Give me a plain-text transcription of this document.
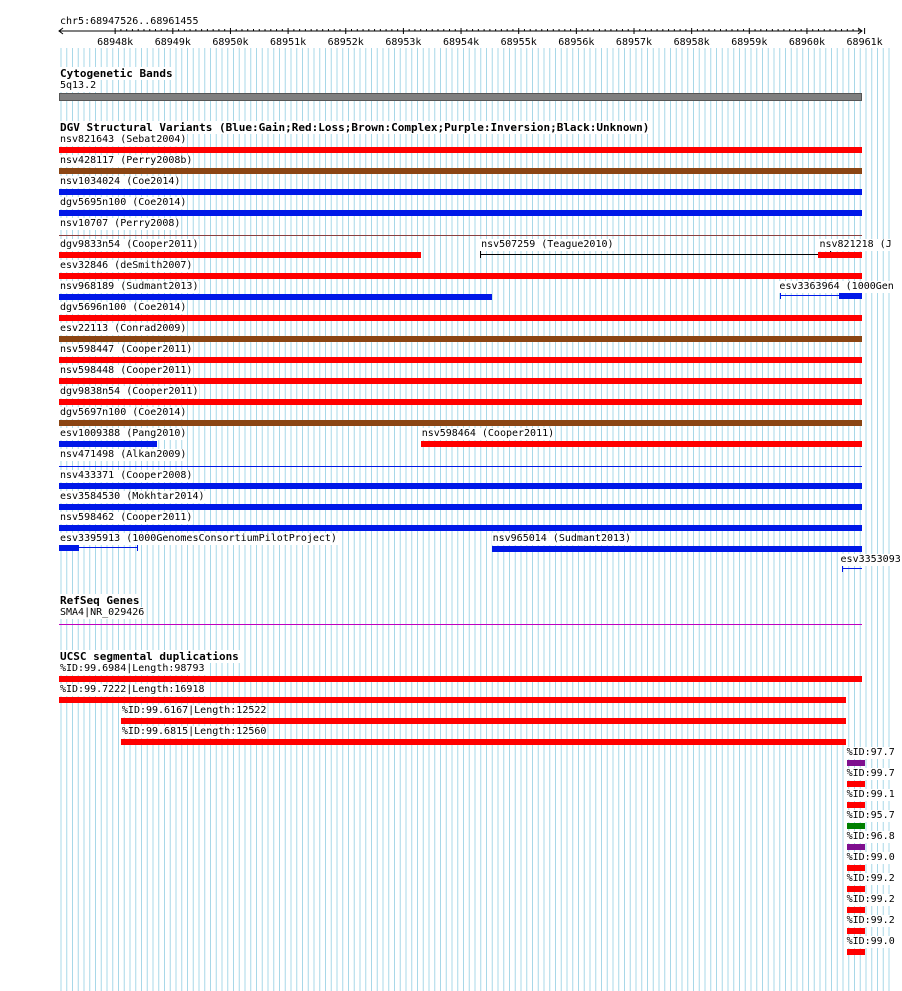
chr5:68947526..68961455
68948k 68949k 68950k 68951k 68952k 68953k 68954k 68955k 68956k 68957k 68958k 68959k 68960k 68961k
Cytogenetic Bands
5q13.2
DGV Structural Variants (Blue:Gain;Red:Loss;Brown:Complex;Purple:Inversion;Black:Unknown)
nsv821643 (Sebat2004)
nsv428117 (Perry2008b)
nsv1034024 (Coe2014)
dgv5695n100 (Coe2014)
nsv10707 (Perry2008)
dgv9833n54 (Cooper2011)	nsv507259 (Teague2010)	nsv821218 (J
esv32846 (deSmith2007)
nsv968189 (Sudmant2013)	esv3363964 (1000Gen
dgv5696n100 (Coe2014)
esv22113 (Conrad2009)
nsv598447 (Cooper2011)
nsv598448 (Cooper2011)
dgv9838n54 (Cooper2011)
dgv5697n100 (Coe2014)
esv1009388 (Pang2010)	nsv598464 (Cooper2011)
nsv471498 (Alkan2009)
nsv433371 (Cooper2008)
esv3584530 (Mokhtar2014)
nsv598462 (Cooper2011)
esv3395913 (1000GenomesConsortiumPilotProject)	nsv965014 (Sudmant2013)
esv3353093
RefSeq Genes
SMA4|NR_029426
UCSC segmental duplications
%ID:99.6984|Length:98793
%ID:99.7222|Length:16918
%ID:99.6167|Length:12522
%ID:99.6815|Length:12560
%ID:97.7
%ID:99.7
%ID:99.1
%ID:95.7
%ID:96.8
%ID:99.0
%ID:99.2
%ID:99.2
%ID:99.2
%ID:99.0
